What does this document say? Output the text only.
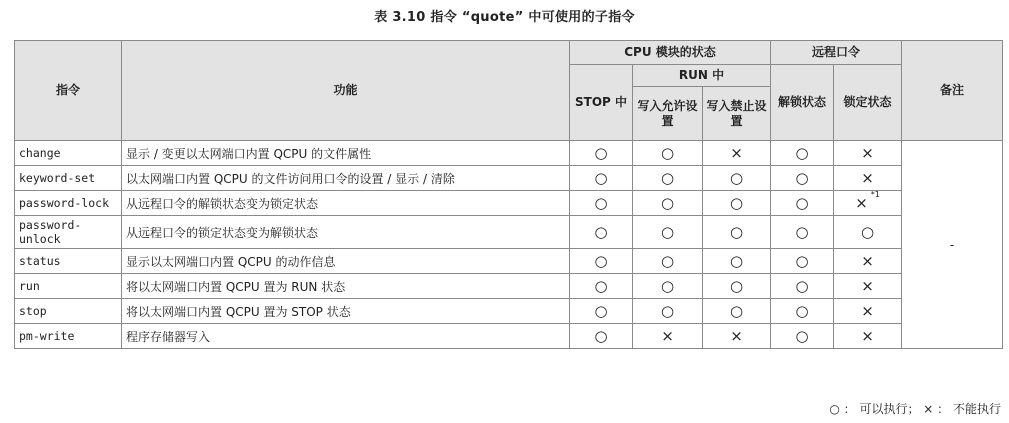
表 3.10 指令 “quote” 中可使用的子指令
指令	功能	CPU 模块的状态			远程口令		备注
		STOP 中	RUN 中		解锁状态	锁定状态	
			写入允许设置	写入禁止设置			
change	显示 / 变更以太网端口内置 QCPU 的文件属性	○	○	×	○	×	-
keyword-set	以太网端口内置 QCPU 的文件访问用口令的设置 / 显示 / 清除	○	○	○	○	×	
password-lock	从远程口令的解锁状态变为锁定状态	○	○	○	○	× $^{*1}$
password-unlock	从远程口令的锁定状态变为解锁状态	○	○	○	○	○	
status	显示以太网端口内置 QCPU 的动作信息	○	○	○	○	×	
run	将以太网端口内置 QCPU 置为 RUN 状态	○	○	○	○	×	
stop	将以太网端口内置 QCPU 置为 STOP 状态	○	○	○	○	×	
pm-write	程序存储器写入	○	×	×	○	×	
○ ： 可以执行； × ： 不能执行
